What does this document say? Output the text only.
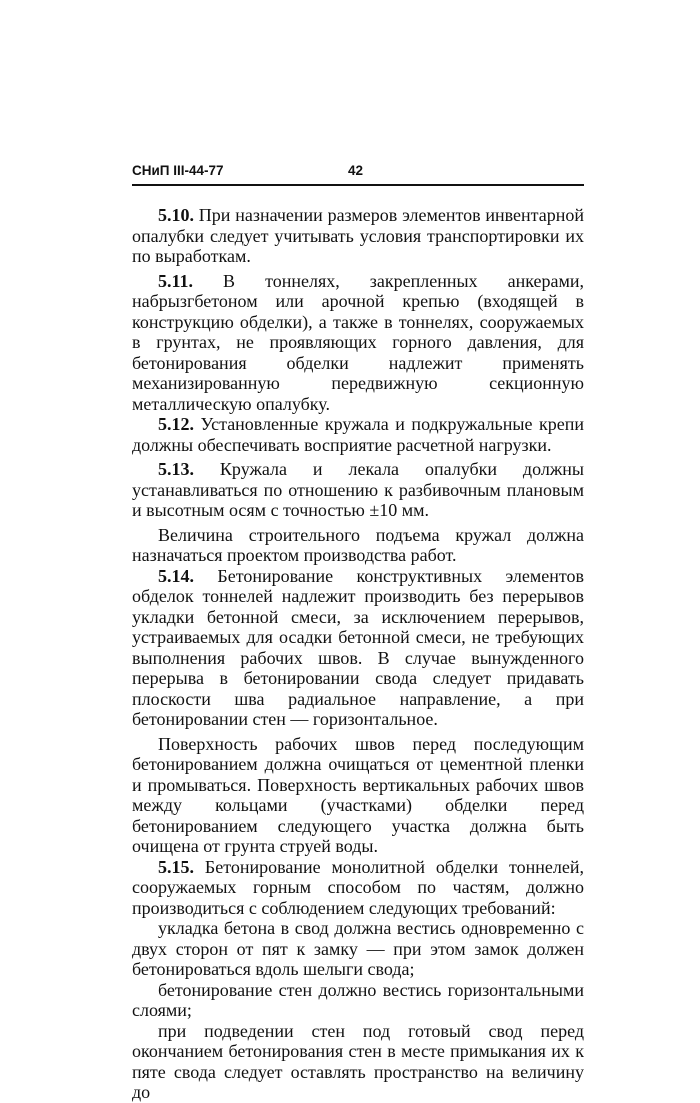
СНиП III-44-77	42

5.10. При назначении размеров элементов инвентарной опалубки следует учитывать условия транспортировки их по выработкам.

5.11. В тоннелях, закрепленных анкерами, набрызгбетоном или арочной крепью (входящей в конструкцию обделки), а также в тоннелях, сооружаемых в грунтах, не проявляющих горного давления, для бетонирования обделки надлежит применять механизированную передвижную секционную металлическую опалубку.

5.12. Установленные кружала и подкружальные крепи должны обеспечивать восприятие расчетной нагрузки.

5.13. Кружала и лекала опалубки должны устанавливаться по отношению к разбивочным плановым и высотным осям с точностью ±10 мм.

Величина строительного подъема кружал должна назначаться проектом производства работ.

5.14. Бетонирование конструктивных элементов обделок тоннелей надлежит производить без перерывов укладки бетонной смеси, за исключением перерывов, устраиваемых для осадки бетонной смеси, не требующих выполнения рабочих швов. В случае вынужденного перерыва в бетонировании свода следует придавать плоскости шва радиальное направление, а при бетонировании стен — горизонтальное.

Поверхность рабочих швов перед последующим бетонированием должна очищаться от цементной пленки и промываться. Поверхность вертикальных рабочих швов между кольцами (участками) обделки перед бетонированием следующего участка должна быть очищена от грунта струей воды.

5.15. Бетонирование монолитной обделки тоннелей, сооружаемых горным способом по частям, должно производиться с соблюдением следующих требований:

укладка бетона в свод должна вестись одновременно с двух сторон от пят к замку — при этом замок должен бетонироваться вдоль шелыги свода;

бетонирование стен должно вестись горизонтальными слоями;

при подведении стен под готовый свод перед окончанием бетонирования стен в месте примыкания их к пяте свода следует оставлять пространство на величину до
